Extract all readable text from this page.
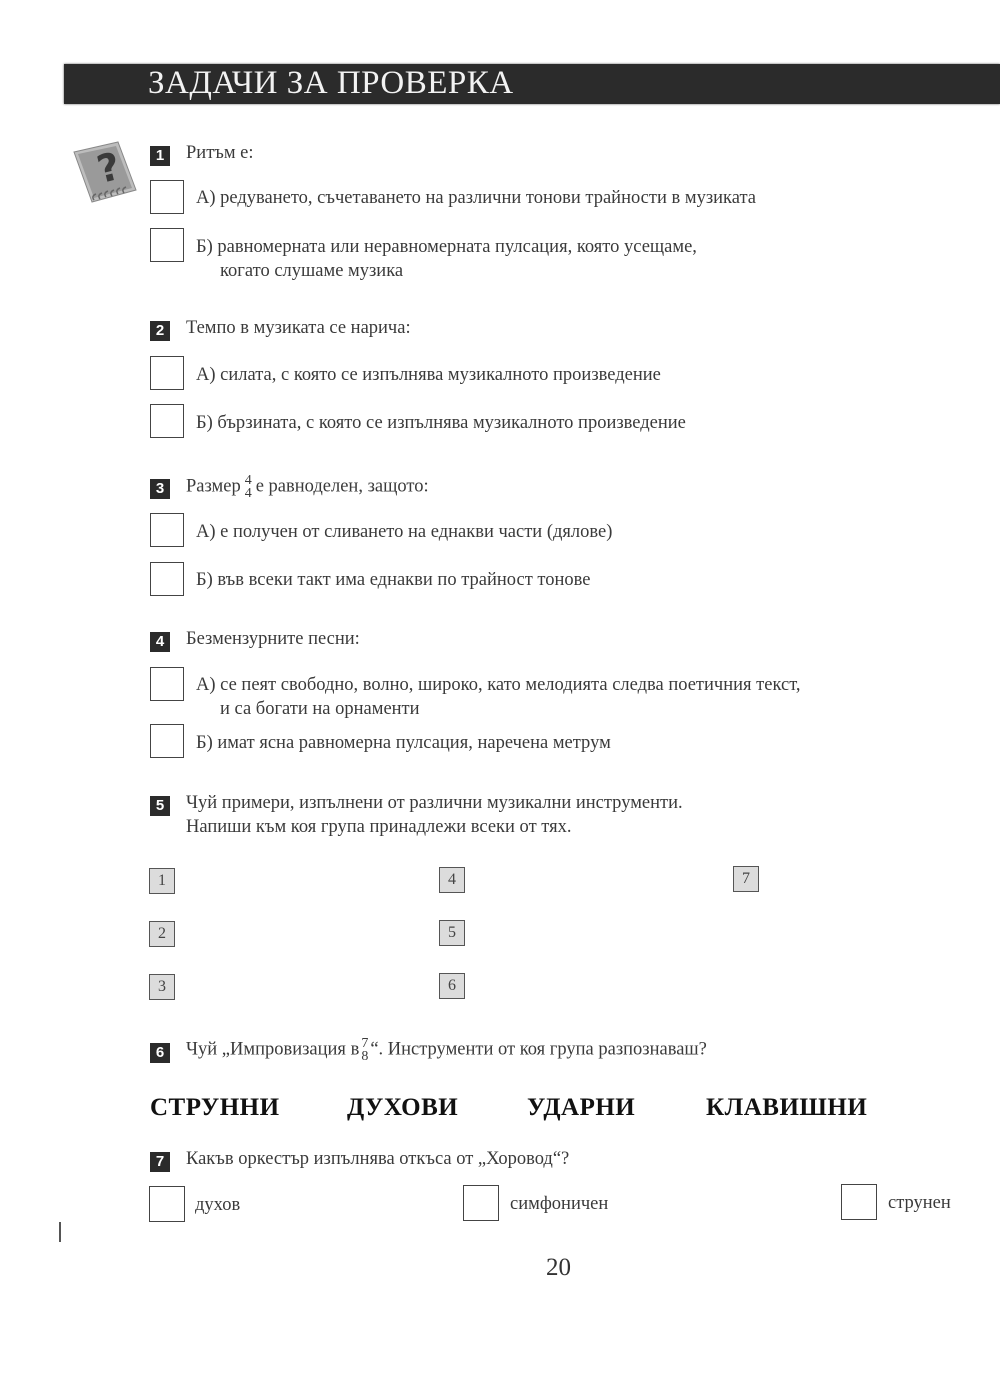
ЗАДАЧИ ЗА ПРОВЕРКА
?	1	Ритъм е:
А) редуването, съчетаването на различни тонови трайности в музиката
Б) равномерната или неравномерната пулсация, която усещаме,
когато слушаме музика
2	Темпо в музиката се нарича:
А) силата, с която се изпълнява музикалното произведение
Б) бързината, с която се изпълнява музикалното произведение
3	Размер 4
4 е равноделен, защото:
А) е получен от сливането на еднакви части (дялове)
Б) във всеки такт има еднакви по трайност тонове
4	Безмензурните песни:
А) се пеят свободно, волно, широко, като мелодията следва поетичния текст,
и са богати на орнаменти
Б) имат ясна равномерна пулсация, наречена метрум
5	Чуй примери, изпълнени от различни музикални инструменти.
Напиши към коя група принадлежи всеки от тях.
1
2
3
4
5
6
7
6	Чуй „Импровизация в 7
8 “. Инструменти от коя група разпознаваш?
СТРУННИ	ДУХОВИ	УДАРНИ	КЛАВИШНИ
7	Какъв оркестър изпълнява откъса от „Хоровод“?
духов	симфоничен	струнен
20
